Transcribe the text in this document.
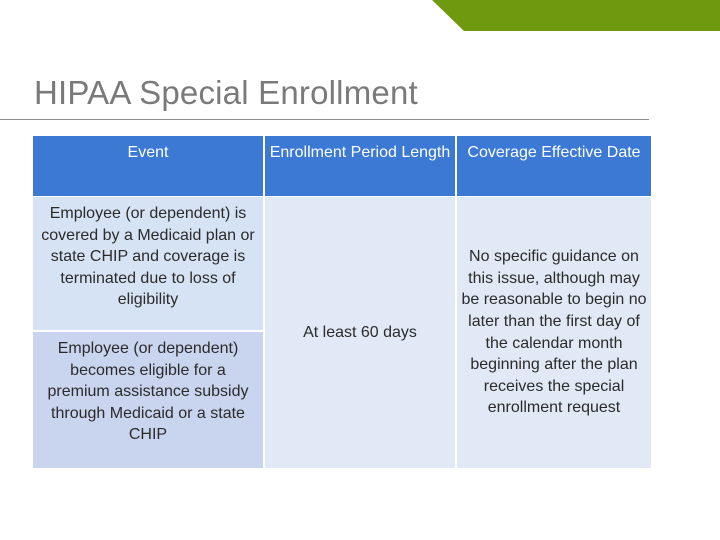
HIPAA Special Enrollment
Event	Enrollment Period Length	Coverage Effective Date
Employee (or dependent) is covered by a Medicaid plan or state CHIP and coverage is terminated due to loss of eligibility
Employee (or dependent) becomes eligible for a premium assistance subsidy through Medicaid or a state CHIP
At least 60 days
No specific guidance on this issue, although may be reasonable to begin no later than the first day of the calendar month beginning after the plan receives the special enrollment request
